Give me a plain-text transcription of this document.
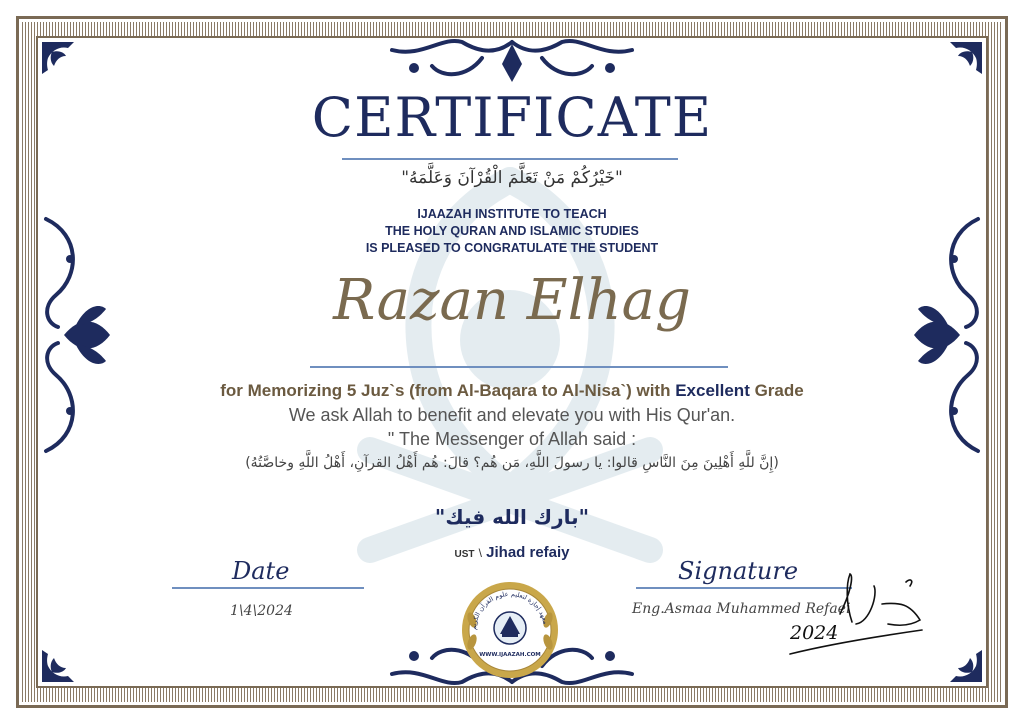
CERTIFICATE
"خَيْرُكُمْ مَنْ تَعَلَّمَ الْقُرْآنَ وَعَلَّمَهُ"
IJAAZAH INSTITUTE TO TEACH
THE HOLY QURAN AND ISLAMIC STUDIES
IS PLEASED TO CONGRATULATE THE STUDENT
Razan Elhag
for Memorizing 5 Juz`s (from Al-Baqara to Al-Nisa`) with Excellent Grade
We ask Allah to benefit and elevate you with His Qur'an.
" The Messenger of Allah said :
(إِنَّ للَّهِ أَهْلِينَ مِنَ النَّاسِ قالوا: يا رسولَ اللَّهِ، مَن هُم؟ قالَ: هُم أَهْلُ القرآنِ، أَهْلُ اللَّهِ وخاصَّتُهُ)
"بارك الله فيك"
UST \ Jihad refaiy
Date
1\4\2024
Signature
Eng.Asmaa Muhammed Refaei
2024
معهد إجازة لتعليم علوم القرآن الكريم
WWW.IJAAZAH.COM
